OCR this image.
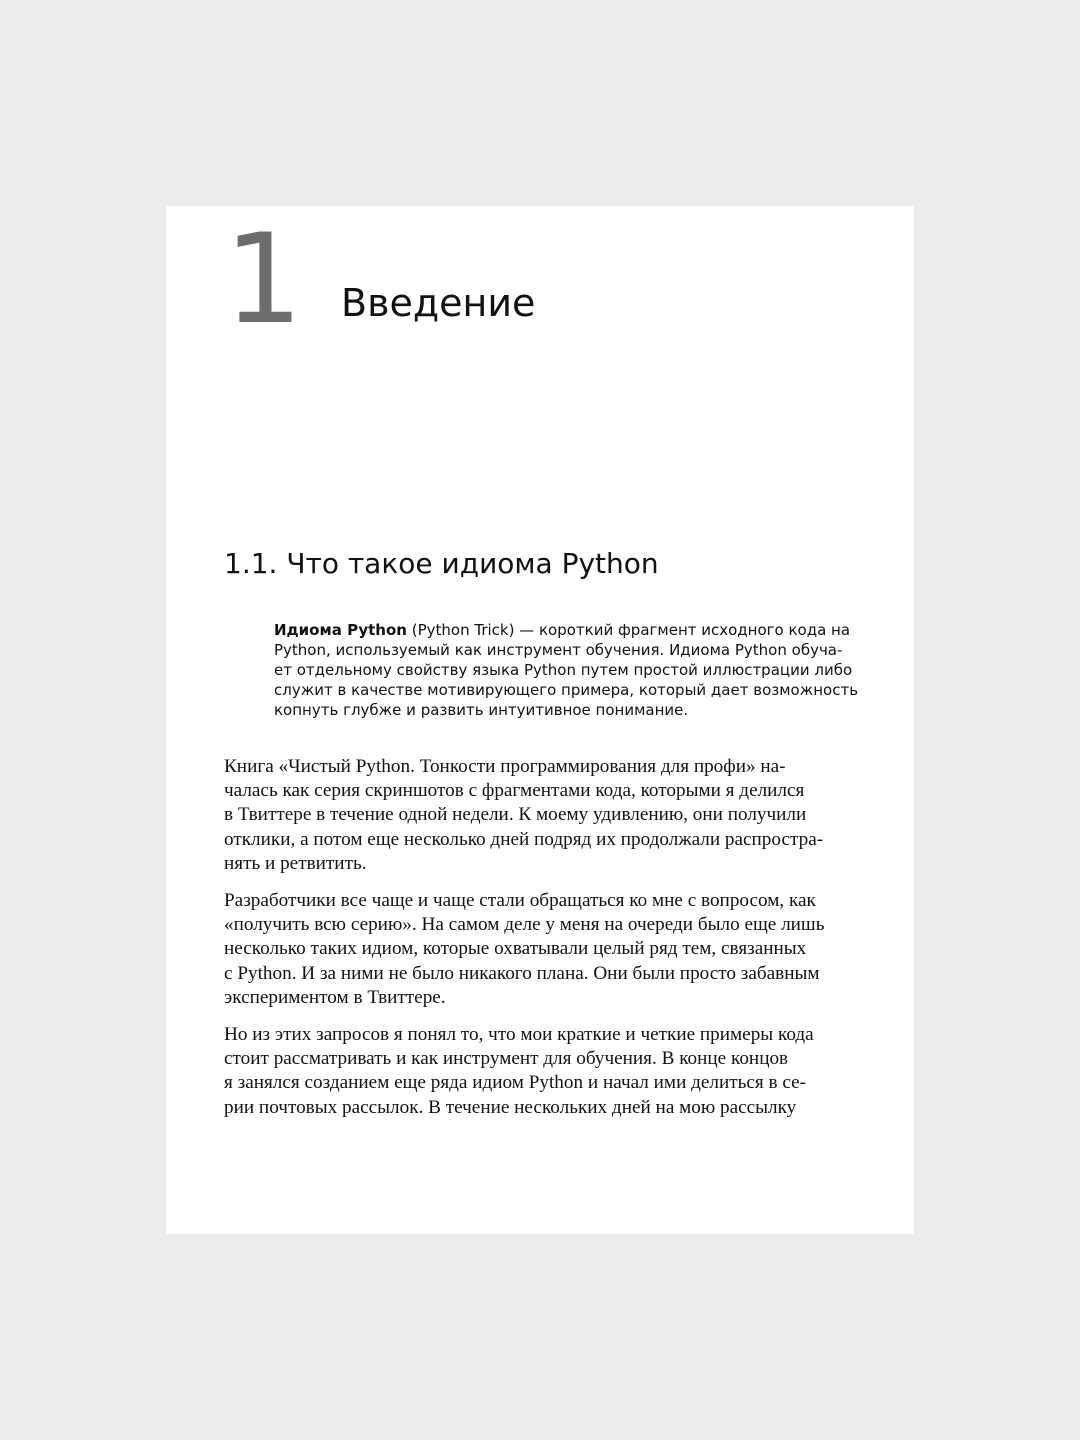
1 Введение
1.1. Что такое идиома Python
Идиома Python (Python Trick) — короткий фрагмент исходного кода на
Python, используемый как инструмент обучения. Идиома Python обуча-
ет отдельному свойству языка Python путем простой иллюстрации либо
служит в качестве мотивирующего примера, который дает возможность
копнуть глубже и развить интуитивное понимание.

Книга «Чистый Python. Тонкости программирования для профи» на-
чалась как серия скриншотов с фрагментами кода, которыми я делился
в Твиттере в течение одной недели. К моему удивлению, они получили
отклики, а потом еще несколько дней подряд их продолжали распростра-
нять и ретвитить.

Разработчики все чаще и чаще стали обращаться ко мне с вопросом, как
«получить всю серию». На самом деле у меня на очереди было еще лишь
несколько таких идиом, которые охватывали целый ряд тем, связанных
с Python. И за ними не было никакого плана. Они были просто забавным
экспериментом в Твиттере.

Но из этих запросов я понял то, что мои краткие и четкие примеры кода
стоит рассматривать и как инструмент для обучения. В конце концов
я занялся созданием еще ряда идиом Python и начал ими делиться в се-
рии почтовых рассылок. В течение нескольких дней на мою рассылку
